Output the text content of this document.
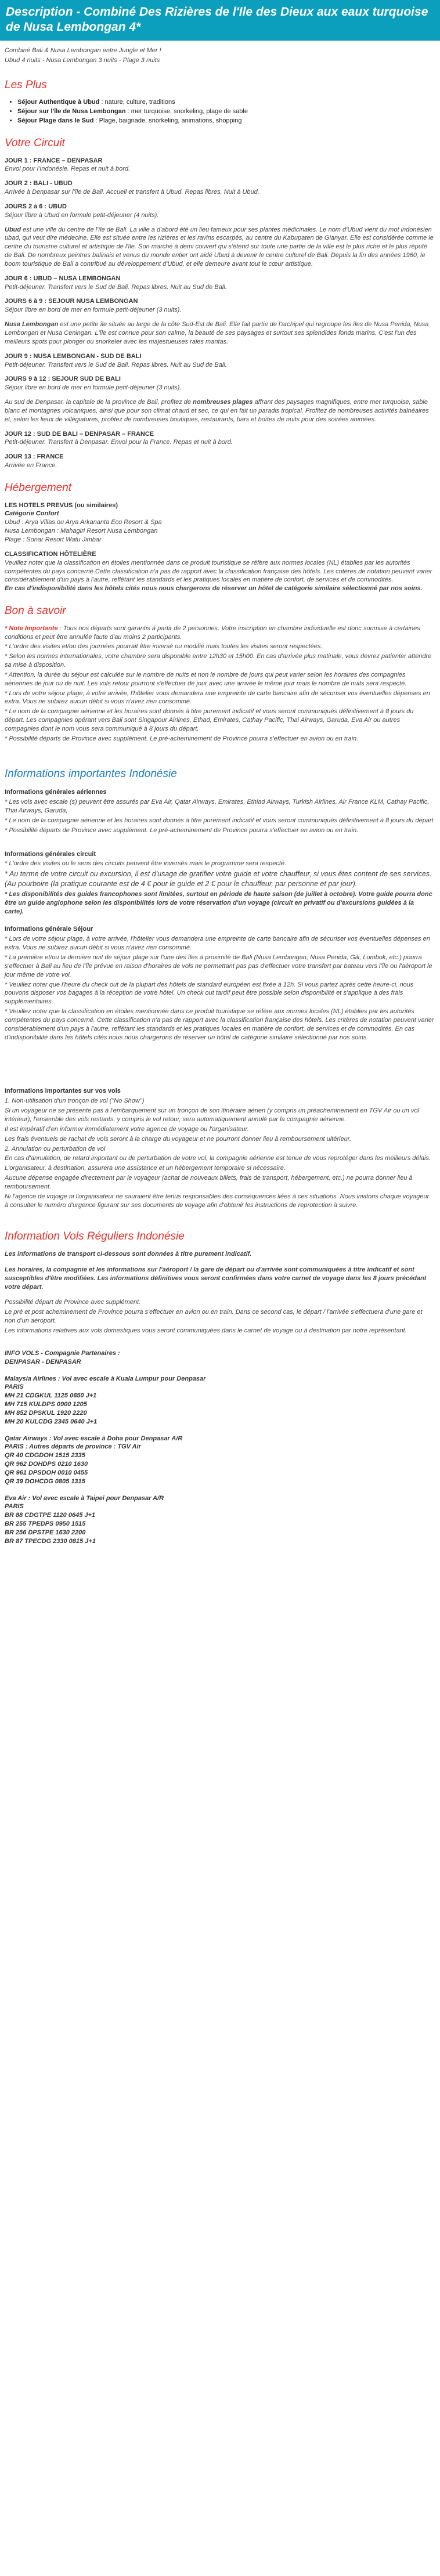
Description - Combiné Des Rizières de l'Ile des Dieux aux eaux turquoise de Nusa Lembongan 4*

Combiné Bali & Nusa Lembongan entre Jungle et Mer !

Ubud 4 nuits - Nusa Lembongan 3 nuits - Plage 3 nuits

Les Plus
• Séjour Authentique à Ubud : nature, culture, traditions
• Séjour sur l'île de Nusa Lembongan : mer turquoise, snorkeling, plage de sable
• Séjour Plage dans le Sud : Plage, baignade, snorkeling, animations, shopping
Votre Circuit
JOUR 1 : FRANCE – DENPASAR
Envol pour l'Indonésie. Repas et nuit à bord.
JOUR 2 : BALI - UBUD
Arrivée à Denpasar sur l'île de Bali. Accueil et transfert à Ubud. Repas libres. Nuit à Ubud.
JOURS 2 à 6 : UBUD
Séjour libre à Ubud en formule petit-déjeuner (4 nuits).

Ubud est une ville du centre de l'île de Bali. La ville a d'abord été un lieu fameux pour ses plantes médicinales. Le nom d'Ubud vient du mot indonésien ubad, qui veut dire médecine. Elle est située entre les rizières et les ravins escarpés, au centre du Kabupaten de Gianyar. Elle est considérée comme le centre du tourisme culturel et artistique de l'île. Son marché à demi couvert qui s'étend sur toute une partie de la ville est le plus riche et le plus réputé de Bali. De nombreux peintres balinais et venus du monde entier ont aidé Ubud à devenir le centre culturel de Bali. Depuis la fin des années 1960, le boom touristique de Bali a contribué au développement d'Ubud, et elle demeure avant tout le cœur artistique.

JOUR 6 : UBUD – NUSA LEMBONGAN
Petit-déjeuner. Transfert vers le Sud de Bali. Repas libres. Nuit au Sud de Bali.
JOURS 6 à 9 : SEJOUR NUSA LEMBONGAN
Séjour libre en bord de mer en formule petit-déjeuner (3 nuits).

Nusa Lembongan est une petite île située au large de la côte Sud-Est de Bali. Elle fait partie de l'archipel qui regroupe les îles de Nusa Penida, Nusa Lembongan et Nusa Ceningan. L'île est connue pour son calme, la beauté de ses paysages et surtout ses splendides fonds marins. C'est l'un des meilleurs spots pour plonger ou snorkeler avec les majestueuses raies mantas.

JOUR 9 : NUSA LEMBONGAN - SUD DE BALI
Petit-déjeuner. Transfert vers le Sud de Bali. Repas libres. Nuit au Sud de Bali.
JOURS 9 à 12 : SEJOUR SUD DE BALI
Séjour libre en bord de mer en formule petit-déjeuner (3 nuits).

Au sud de Denpasar, la capitale de la province de Bali, profitez de nombreuses plages affrant des paysages magnifiques, entre mer turquoise, sable blanc et montagnes volcaniques, ainsi que pour son climat chaud et sec, ce qui en fait un paradis tropical. Profitez de nombreuses activités balnéaires et, selon les lieux de villégiatures, profitez de nombreuses boutiques, restaurants, bars et boîtes de nuits pour des soirées animées.

JOUR 12 : SUD DE BALI – DENPASAR – FRANCE
Petit-déjeuner. Transfert à Denpasar. Envol pour la France. Repas et nuit à bord.
JOUR 13 : FRANCE
Arrivée en France.
Hébergement
LES HOTELS PREVUS (ou similaires)
Catégorie Confort

Ubud : Arya Villas ou Arya Arkananta Eco Resort & Spa

Nusa Lembongan : Mahagiri Resort Nusa Lembongan

Plage : Sonar Resort Watu Jimbar

CLASSIFICATION HÔTELIÈRE

Veuillez noter que la classification en étoiles mentionnée dans ce produit touristique se réfère aux normes locales (NL) établies par les autorités compétentes du pays concerné.Cette classification n'a pas de rapport avec la classification française des hôtels. Les critères de notation peuvent varier considérablement d'un pays à l'autre, reflétant les standards et les pratiques locales en matière de confort, de services et de commodités.

En cas d'indisponibilité dans les hôtels cités nous nous chargerons de réserver un hôtel de catégorie similaire sélectionné par nos soins.

Bon à savoir

* Note Importante : Tous nos départs sont garantis à partir de 2 personnes. Votre inscription en chambre individuelle est donc soumise à certaines conditions et peut être annulée faute d'au moins 2 participants.

* L'ordre des visites et/ou des journées pourrait être inversé ou modifié mais toutes les visites seront respectées.

* Selon les normes internationales, votre chambre sera disponible entre 12h30 et 15h00. En cas d'arrivée plus matinale, vous devrez patienter attendre sa mise à disposition.

* Attention, la durée du séjour est calculée sur le nombre de nuits et non le nombre de jours qui peut varier selon les horaires des compagnies aériennes de jour ou de nuit. Les vols retour pourront s'effectuer de jour avec une arrivée le même jour mais le nombre de nuits sera respecté.

* Lors de votre séjour plage, à votre arrivée, l'hôtelier vous demandera une empreinte de carte bancaire afin de sécuriser vos éventuelles dépenses en extra. Vous ne subirez aucun débit si vous n'avez rien consommé.

* Le nom de la compagnie aérienne et les horaires sont donnés à titre purement indicatif et vous seront communiqués définitivement à 8 jours du départ. Les compagnies opérant vers Bali sont Singapour Airlines, Ethad, Emirates, Cathay Pacific, Thai Airways, Garuda, Eva Air ou autres compagnies dont le nom vous sera communiqué à 8 jours du départ.

* Possibilité départs de Province avec supplément. Le pré-acheminement de Province pourra s'effectuer en avion ou en train.

Informations importantes Indonésie
Informations générales aériennes

* Les vols avec escale (s) peuvent être assurés par Eva Air, Qatar Airways, Emirates, Ethiad Airways, Turkish Airlines, Air France KLM, Cathay Pacific, Thai Airways, Garuda,

* Le nom de la compagnie aérienne et les horaires sont donnés à titre purement indicatif et vous seront communiqués définitivement à 8 jours du départ

* Possibilité départs de Province avec supplément. Le pré-acheminement de Province pourra s'effectuer en avion ou en train.

Informations générales circuit

* L'ordre des visites ou le sens des circuits peuvent être inversés mais le programme sera respecté.

* Au terme de votre circuit ou excursion, il est d'usage de gratifier votre guide et votre chauffeur, si vous êtes content de ses services. (Au pourboire (la pratique courante est de 4 € pour le guide et 2 € pour le chauffeur, par personne et par jour).

* Les disponibilités des guides francophones sont limitées, surtout en période de haute saison (de juillet à octobre). Votre guide pourra donc être un guide anglophone selon les disponibilités lors de votre réservation d'un voyage (circuit en privatif ou d'excursions guidées à la carte).

Informations générale Séjour

* Lors de votre séjour plage, à votre arrivée, l'hôtelier vous demandera une empreinte de carte bancaire afin de sécuriser vos éventuelles dépenses en extra. Vous ne subirez aucun débit si vous n'avez rien consommé.

* La première et/ou la dernière nuit de séjour plage sur l'une des îles à proximité de Bali (Nusa Lembongan, Nusa Penida, Gili, Lombok, etc.) pourra s'effectuer à Bali au lieu de l'île prévue en raison d'horaires de vols ne permettant pas pas d'effectuer votre transfert par bateau vers l'île ou l'aéroport le jour même de votre vol.

* Veuillez noter que l'heure du check out de la plupart des hôtels de standard européen est fixée à 12h. Si vous partez après cette heure-ci, nous pouvons disposer vos bagages à la réception de votre hôtel. Un check out tardif peut être possible selon disponibilité et s'applique à des frais supplémentaires.

* Veuillez noter que la classification en étoiles mentionnée dans ce produit touristique se réfère aux normes locales (NL) établies par les autorités compétentes du pays concerné. Cette classification n'a pas de rapport avec la classification française des hôtels. Les critères de notation peuvent varier considérablement d'un pays à l'autre, reflétant les standards et les pratiques locales en matière de confort, de services et de commodités. En cas d'indisponibilité dans les hôtels cités nous nous chargerons de réserver un hôtel de catégorie similaire sélectionné par nos soins.

Informations importantes sur vos vols

1. Non-utilisation d'un tronçon de vol ("No Show")

Si un voyageur ne se présente pas à l'embarquement sur un tronçon de son itinéraire aérien (y compris un préacheminement en TGV Air ou un vol intérieur), l'ensemble des vols restants, y compris le vol retour, sera automatiquement annulé par la compagnie aérienne.

Il est impératif d'en informer immédiatement votre agence de voyage ou l'organisateur.

Les frais éventuels de rachat de vols seront à la charge du voyageur et ne pourront donner lieu à remboursement ultérieur.

2. Annulation ou perturbation de vol

En cas d'annulation, de retard important ou de perturbation de votre vol, la compagnie aérienne est tenue de vous reprotéger dans les meilleurs délais.

L'organisateur, à destination, assurera une assistance et un hébergement temporaire si nécessaire.

Aucune dépense engagée directement par le voyageur (achat de nouveaux billets, frais de transport, hébergement, etc.) ne pourra donner lieu à remboursement.

Ni l'agence de voyage ni l'organisateur ne sauraient être tenus responsables des conséquences liées à ces situations. Nous invitons chaque voyageur à consulter le numéro d'urgence figurant sur ses documents de voyage afin d'obtenir les instructions de reprotection à suivre.

Information Vols Réguliers Indonésie

Les informations de transport ci-dessous sont données à titre purement indicatif.

Les horaires, la compagnie et les informations sur l'aéroport / la gare de départ ou d'arrivée sont communiquées à titre indicatif et sont susceptibles d'être modifiées. Les informations définitives vous seront confirmées dans votre carnet de voyage dans les 8 jours précédant votre départ.

Possibilité départ de Province avec supplément.

Le pré et post acheminement de Province pourra s'effectuer en avion ou en train. Dans ce second cas, le départ / l'arrivée s'effectuera d'une gare et non d'un aéroport.

Les informations relatives aux vols domestiques vous seront communiquées dans le carnet de voyage ou à destination par notre représentant.

INFO VOLS - Compagnie Partenaires :
DENPASAR - DENPASAR
Malaysia Airlines : Vol avec escale à Kuala Lumpur pour Denpasar
PARIS
MH 21 CDGKUL 1125 0650 J+1
MH 715 KULDPS 0900 1205
MH 852 DPSKUL 1920 2220
MH 20 KULCDG 2345 0640 J+1
Qatar Airways : Vol avec escale à Doha pour Denpasar A/R
PARIS : Autres départs de province : TGV Air
QR 40 CDGDOH 1515 2335
QR 962 DOHDPS 0210 1630
QR 961 DPSDOH 0010 0455
QR 39 DOHCDG 0805 1315
Eva Air : Vol avec escale à Taipei pour Denpasar A/R
PARIS
BR 88 CDGTPE 1120 0645 J+1
BR 255 TPEDPS 0950 1515
BR 256 DPSTPE 1630 2200
BR 87 TPECDG 2330 0815 J+1
